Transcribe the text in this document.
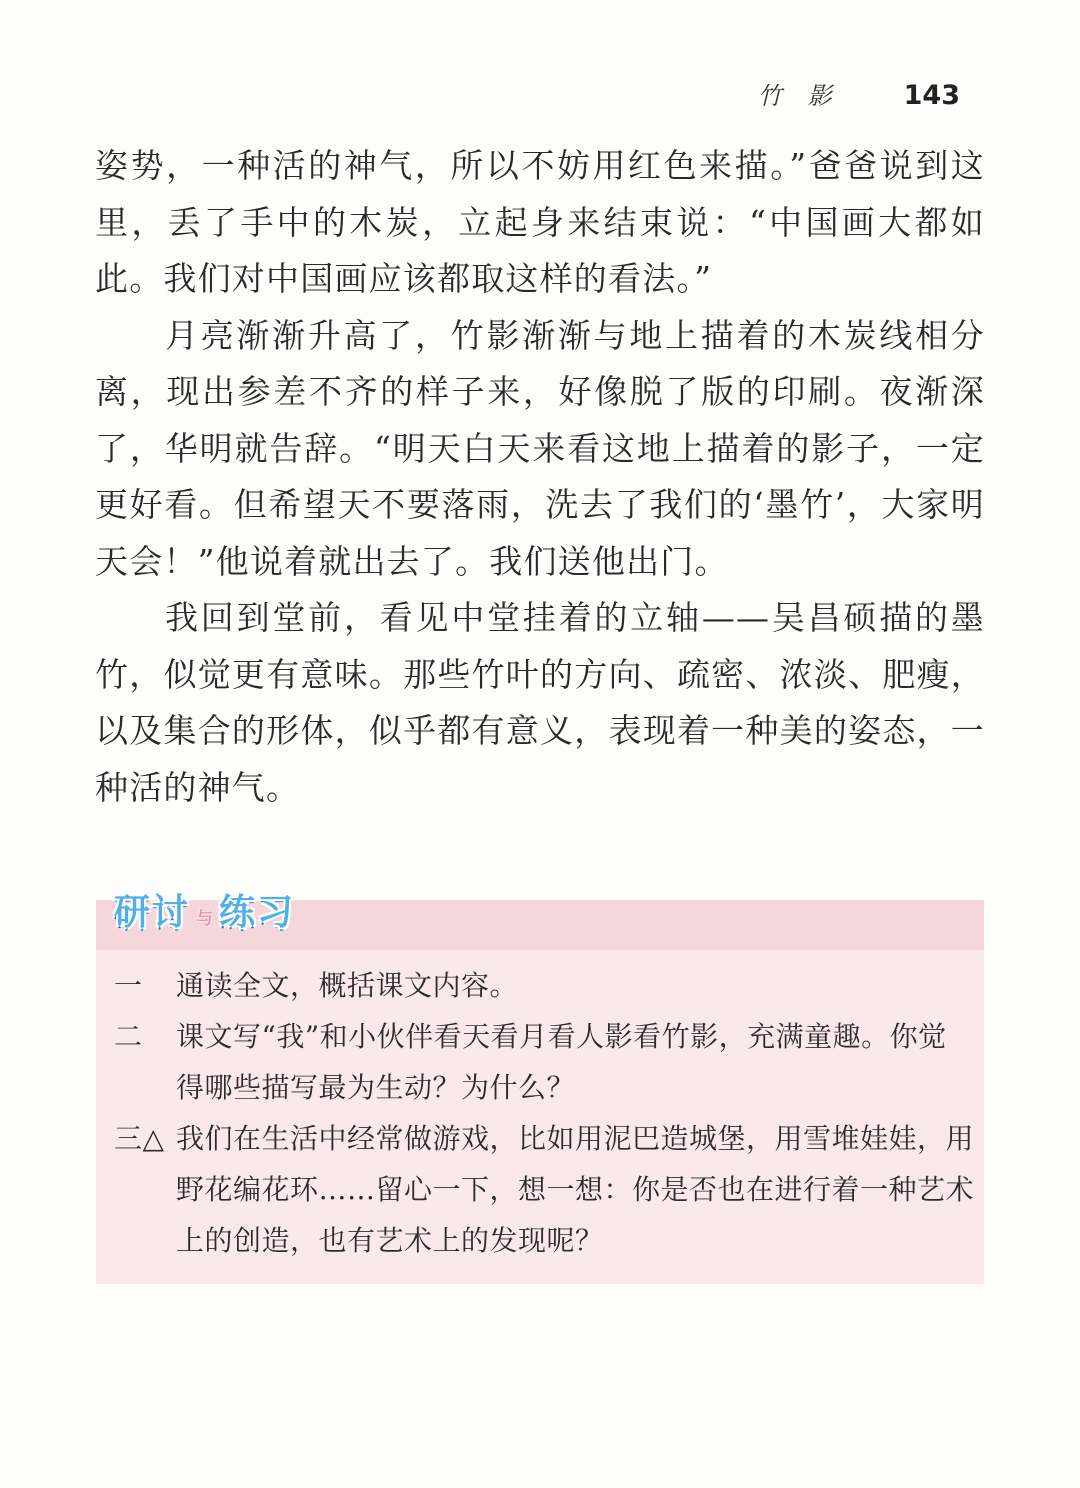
竹影 143

姿势，一种活的神气，所以不妨用红色来描。”爸爸说到这里，丢了手中的木炭，立起身来结束说：“中国画大都如此。我们对中国画应该都取这样的看法。”

月亮渐渐升高了，竹影渐渐与地上描着的木炭线相分离，现出参差不齐的样子来，好像脱了版的印刷。夜渐深了，华明就告辞。“明天白天来看这地上描着的影子，一定更好看。但希望天不要落雨，洗去了我们的‘墨竹’，大家明天会！”他说着就出去了。我们送他出门。

我回到堂前，看见中堂挂着的立轴——吴昌硕描的墨竹，似觉更有意味。那些竹叶的方向、疏密、浓淡、肥瘦，以及集合的形体，似乎都有意义，表现着一种美的姿态，一种活的神气。

研讨 与 练习
一	通读全文，概括课文内容。
二	课文写“我”和小伙伴看天看月看人影看竹影，充满童趣。你觉得哪些描写最为生动？为什么？
三△ 我们在生活中经常做游戏，比如用泥巴造城堡，用雪堆娃娃，用野花编花环……留心一下，想一想：你是否也在进行着一种艺术上的创造，也有艺术上的发现呢？
